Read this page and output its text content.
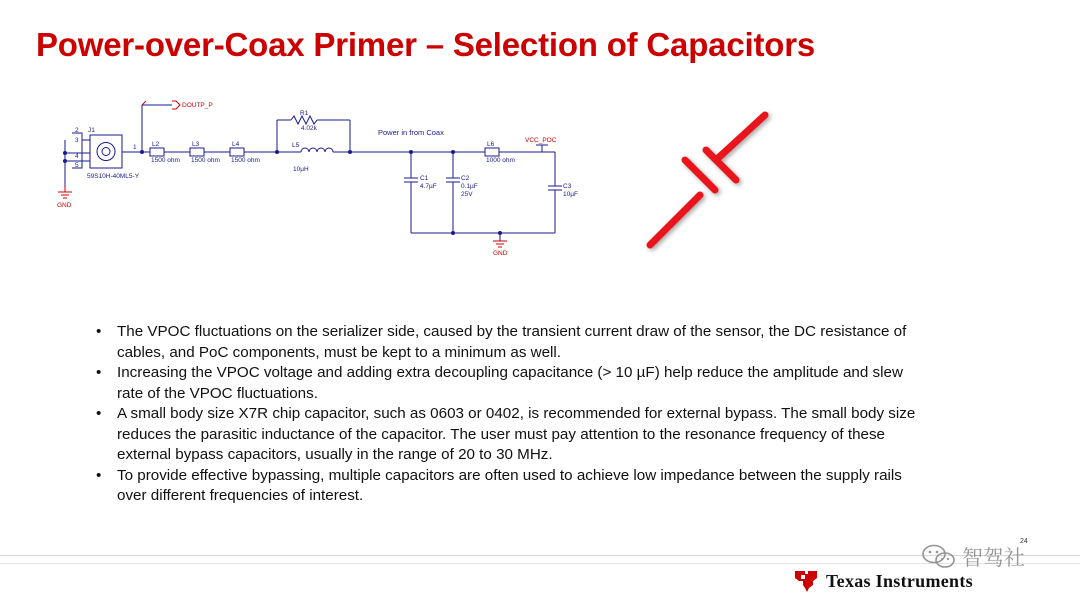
Power-over-Coax Primer – Selection of Capacitors
2
3
4
5
J1
59S10H-40ML5-Y
1 L2
1500 ohm
L3
1500 ohm
L4
1500 ohm
R1
4.02k
L5
10µH
L6
1000 ohm
C1
4.7µF
C2
0.1µF
25V
C3
10µF
Power in from Coax
DOUTP_P
VCC_POC
GND
GND
• The VPOC fluctuations on the serializer side, caused by the transient current draw of the sensor, the DC resistance of cables, and PoC components, must be kept to a minimum as well.
• Increasing the VPOC voltage and adding extra decoupling capacitance (> 10 µF) help reduce the amplitude and slew rate of the VPOC fluctuations.
• A small body size X7R chip capacitor, such as 0603 or 0402, is recommended for external bypass. The small body size reduces the parasitic inductance of the capacitor. The user must pay attention to the resonance frequency of these external bypass capacitors, usually in the range of 20 to 30 MHz.
• To provide effective bypassing, multiple capacitors are often used to achieve low impedance between the supply rails over different frequencies of interest.
24
智驾社
Texas Instruments
